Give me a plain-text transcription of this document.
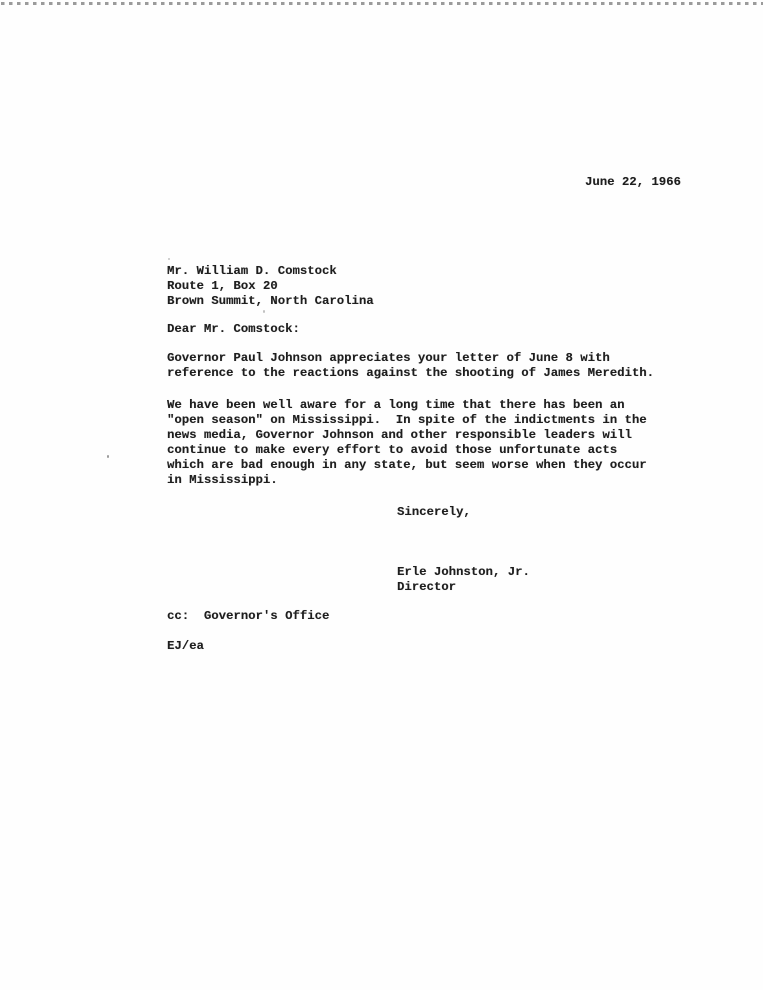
June 22, 1966
Mr. William D. Comstock
Route 1, Box 20
Brown Summit, North Carolina
Dear Mr. Comstock:
Governor Paul Johnson appreciates your letter of June 8 with
reference to the reactions against the shooting of James Meredith.
We have been well aware for a long time that there has been an
"open season" on Mississippi.  In spite of the indictments in the
news media, Governor Johnson and other responsible leaders will
continue to make every effort to avoid those unfortunate acts
which are bad enough in any state, but seem worse when they occur
in Mississippi.
Sincerely,
Erle Johnston, Jr.
Director
cc:  Governor's Office
EJ/ea
